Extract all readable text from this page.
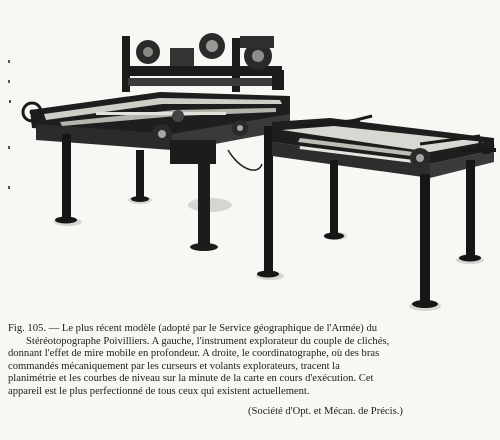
Fig. 105. — Le plus récent modèle (adopté par le Service géographique de l'Armée) du
Stéréotopographe Poivilliers. A gauche, l'instrument explorateur du couple de clichés,
donnant l'effet de mire mobile en profondeur. A droite, le coordinatographe, où des bras
commandés mécaniquement par les curseurs et volants explorateurs, tracent la
planimétrie et les courbes de niveau sur la minute de la carte en cours d'exécution. Cet
appareil est le plus perfectionné de tous ceux qui existent actuellement.
(Société d'Opt. et Mécan. de Précis.)
